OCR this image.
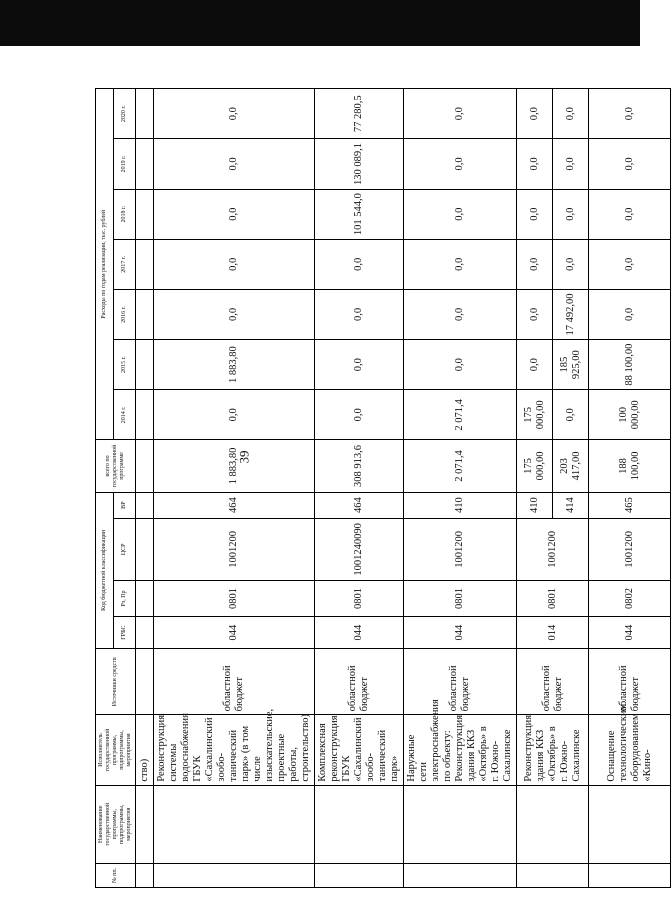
39
№ пп.	Наименование государственной программы, подпрограммы, мероприятия	Исполнитель государственной программы, подпрограммы, мероприятия	Источники средств	Код бюджетной классификации				всего по государственной программе	Расходы по годам реализации, тыс. рублей						
				ГРБС	Рз, Пр	ЦСР	ВР		2014 г.	2015 г.	2016 г.	2017 г.	2018 г.	2019 г.	2020 г.
		ство)													
		Реконструкция системы водоснабжения ГБУК «Сахалинский зообо-танический парк» (в том числе изыскательские, проектные работы, строительство)	областной бюджет	044	0801	1001200	464	1 883,80	0,0	1 883,80	0,0	0,0	0,0	0,0	0,0
		Комплексная реконструкция ГБУК «Сахалинский зообо-танический парк»	областной бюджет	044	0801	1001240090	464	308 913,6	0,0	0,0	0,0	0,0	101 544,0	130 089,1	77 280,5
		Наружные сети электроснабжения по объекту: Реконструкция здания ККЗ «Октябрь» в г. Южно-Сахалинске	областной бюджет	044	0801	1001200	410	2 071,4	2 071,4	0,0	0,0	0,0	0,0	0,0	0,0
		Реконструкция здания ККЗ «Октябрь» в г. Южно-Сахалинске	областной бюджет	014	0801	1001200	410	175 000,00	175 000,00	0,0	0,0	0,0	0,0	0,0	0,0
							414	203 417,00	0,0	185 925,00	17 492,00	0,0	0,0	0,0	0,0
		Оснащение технологическим оборудованием «Кино-	областной бюджет	044	0802	1001200	465	188 100,00	100 000,00	88 100,00	0,0	0,0	0,0	0,0	0,0
